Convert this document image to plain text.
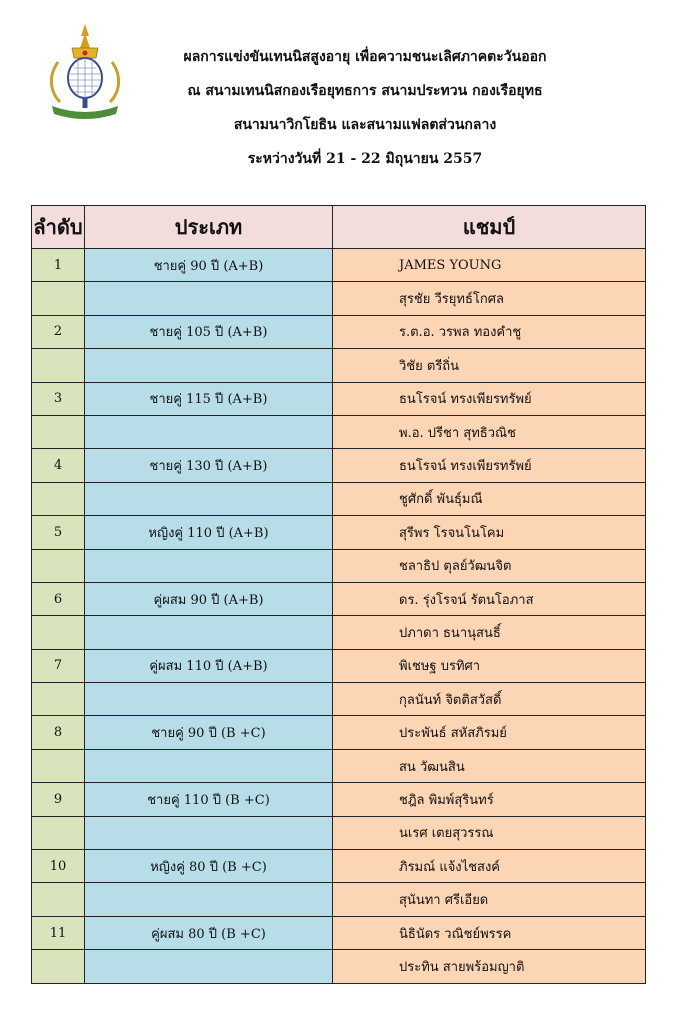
ผลการแข่งขันเทนนิสสูงอายุ เพื่อความชนะเลิศภาคตะวันออก
ณ สนามเทนนิสกองเรือยุทธการ สนามประทวน กองเรือยุทธ
สนามนาวิกโยธิน และสนามแฟลตส่วนกลาง
ระหว่างวันที่ 21 - 22 มิถุนายน 2557
ลำดับ	ประเภท	แชมป์
1	ชายคู่ 90 ปี (A+B)	JAMES YOUNG
		สุรชัย วีรยุทธ์โกศล
2	ชายคู่ 105 ปี (A+B)	ร.ต.อ. วรพล ทองคำชู
		วิชัย ตรีถิ่น
3	ชายคู่ 115 ปี (A+B)	ธนโรจน์ ทรงเพียรทรัพย์
		พ.อ. ปรีชา สุทธิวณิช
4	ชายคู่ 130 ปี (A+B)	ธนโรจน์ ทรงเพียรทรัพย์
		ชูศักดิ์ พันธุ์มณี
5	หญิงคู่ 110 ปี (A+B)	สุรีพร โรจนโนโคม
		ชลาธิป ตุลย์วัฒนจิต
6	คู่ผสม 90 ปี (A+B)	ดร. รุ่งโรจน์ รัตนโอภาส
		ปภาดา ธนานุสนธิ์
7	คู่ผสม 110 ปี (A+B)	พิเชษฐ บรทิศา
		กุลนันท์ จิตติสวัสดิ์
8	ชายคู่ 90 ปี (B +C)	ประพันธ์ สหัสภิรมย์
		สน วัฒนสิน
9	ชายคู่ 110 ปี (B +C)	ชฎิล พิมพ์สุรินทร์
		นเรศ เตยสุวรรณ
10	หญิงคู่ 80 ปี (B +C)	ภิรมณ์ แจ้งไชสงค์
		สุนันทา ศรีเอียด
11	คู่ผสม 80 ปี (B +C)	นิธินัดร วณิชย์พรรค
		ประทิน สายพร้อมญาติ
